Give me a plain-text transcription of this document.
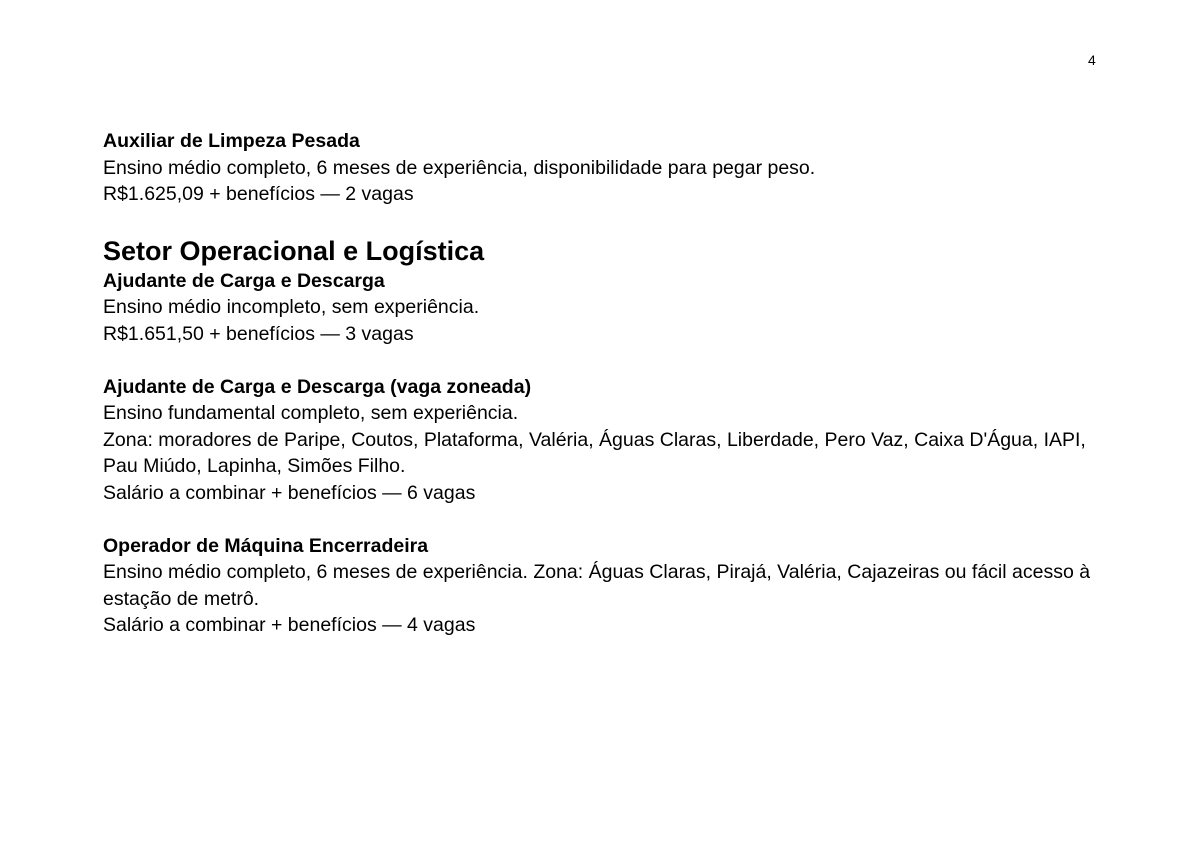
4
Auxiliar de Limpeza Pesada
Ensino médio completo, 6 meses de experiência, disponibilidade para pegar peso.
R$1.625,09 + benefícios — 2 vagas
Setor Operacional e Logística
Ajudante de Carga e Descarga
Ensino médio incompleto, sem experiência.
R$1.651,50 + benefícios — 3 vagas
Ajudante de Carga e Descarga (vaga zoneada)
Ensino fundamental completo, sem experiência.
Zona: moradores de Paripe, Coutos, Plataforma, Valéria, Águas Claras, Liberdade, Pero Vaz, Caixa D'Água, IAPI, Pau Miúdo, Lapinha, Simões Filho.
Salário a combinar + benefícios — 6 vagas
Operador de Máquina Encerradeira
Ensino médio completo, 6 meses de experiência. Zona: Águas Claras, Pirajá, Valéria, Cajazeiras ou fácil acesso à estação de metrô.
Salário a combinar + benefícios — 4 vagas
